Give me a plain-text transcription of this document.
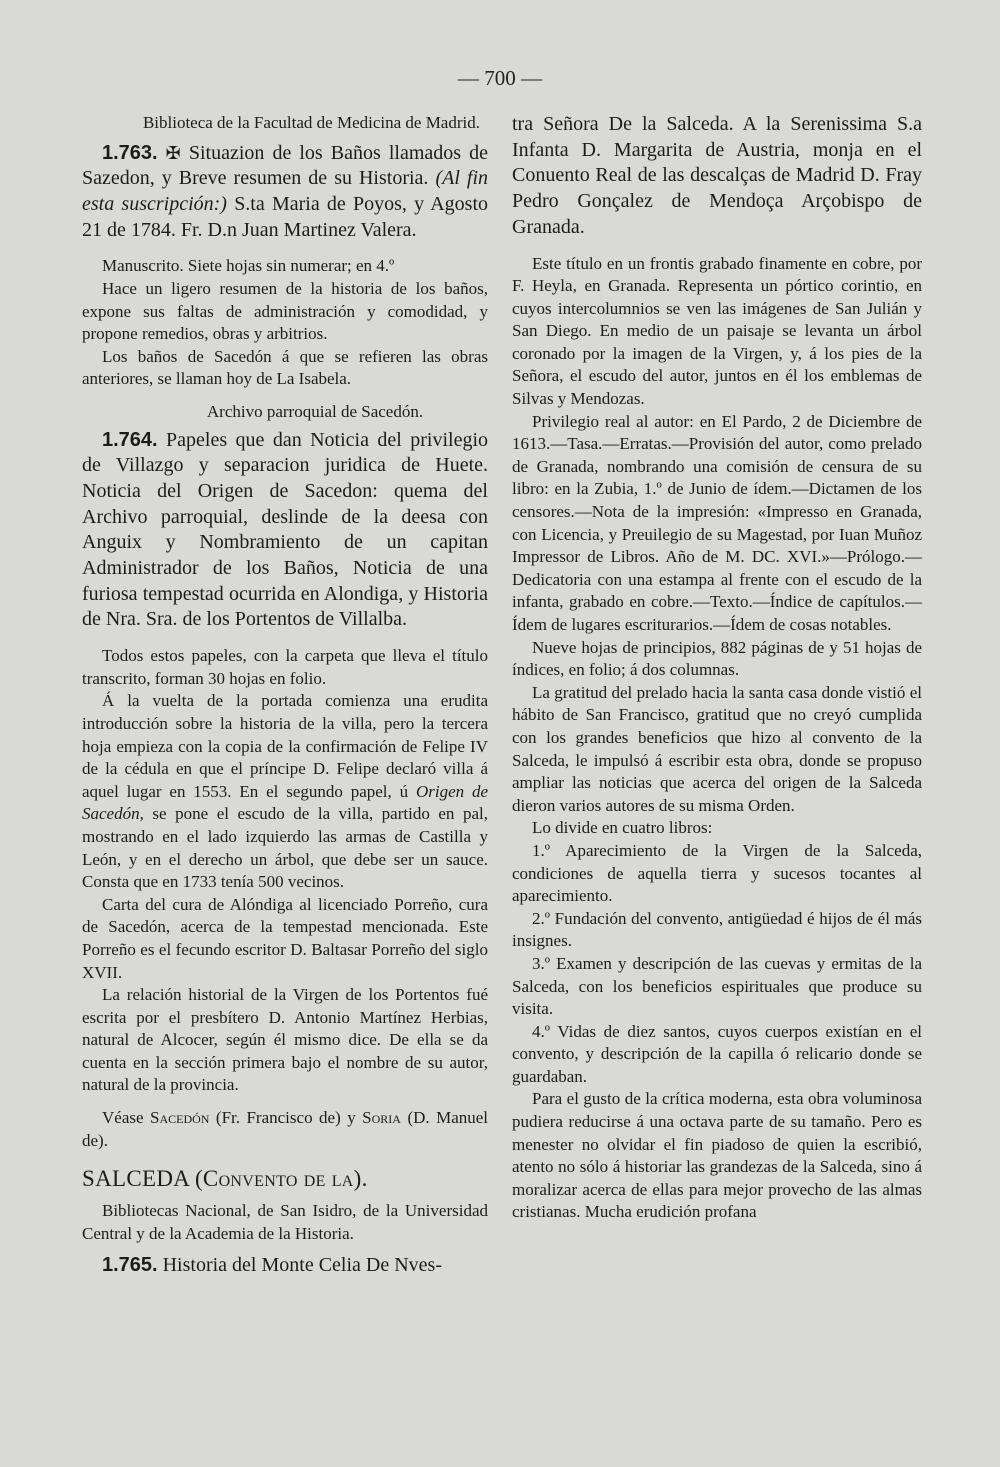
— 700 —

Biblioteca de la Facultad de Medicina de Madrid.

1.763. ✠ Situazion de los Baños llamados de Sazedon, y Breve resumen de su Historia. (Al fin esta suscripción:) S.ta Maria de Poyos, y Agosto 21 de 1784. Fr. D.n Juan Martinez Valera.

Manuscrito. Siete hojas sin numerar; en 4.º

Hace un ligero resumen de la historia de los baños, expone sus faltas de administración y comodidad, y propone remedios, obras y arbitrios.

Los baños de Sacedón á que se refieren las obras anteriores, se llaman hoy de La Isabela.

Archivo parroquial de Sacedón.

1.764. Papeles que dan Noticia del privilegio de Villazgo y separacion juridica de Huete. Noticia del Origen de Sacedon: quema del Archivo parroquial, deslinde de la deesa con Anguix y Nombramiento de un capitan Administrador de los Baños, Noticia de una furiosa tempestad ocurrida en Alondiga, y Historia de Nra. Sra. de los Portentos de Villalba.

Todos estos papeles, con la carpeta que lleva el título transcrito, forman 30 hojas en folio.

Á la vuelta de la portada comienza una erudita introducción sobre la historia de la villa, pero la tercera hoja empieza con la copia de la confirmación de Felipe IV de la cédula en que el príncipe D. Felipe declaró villa á aquel lugar en 1553. En el segundo papel, ú Origen de Sacedón, se pone el escudo de la villa, partido en pal, mostrando en el lado izquierdo las armas de Castilla y León, y en el derecho un árbol, que debe ser un sauce. Consta que en 1733 tenía 500 vecinos.

Carta del cura de Alóndiga al licenciado Porreño, cura de Sacedón, acerca de la tempestad mencionada. Este Porreño es el fecundo escritor D. Baltasar Porreño del siglo XVII.

La relación historial de la Virgen de los Portentos fué escrita por el presbítero D. Antonio Martínez Herbias, natural de Alcocer, según él mismo dice. De ella se da cuenta en la sección primera bajo el nombre de su autor, natural de la provincia.

Véase Sacedón (Fr. Francisco de) y Soria (D. Manuel de).

SALCEDA (Convento de la).

Bibliotecas Nacional, de San Isidro, de la Universidad Central y de la Academia de la Historia.

1.765. Historia del Monte Celia De Nves-

tra Señora De la Salceda. A la Serenissima S.a Infanta D. Margarita de Austria, monja en el Conuento Real de las descalças de Madrid D. Fray Pedro Gonçalez de Mendoça Arçobispo de Granada.

Este título en un frontis grabado finamente en cobre, por F. Heyla, en Granada. Representa un pórtico corintio, en cuyos intercolumnios se ven las imágenes de San Julián y San Diego. En medio de un paisaje se levanta un árbol coronado por la imagen de la Virgen, y, á los pies de la Señora, el escudo del autor, juntos en él los emblemas de Silvas y Mendozas.

Privilegio real al autor: en El Pardo, 2 de Diciembre de 1613.—Tasa.—Erratas.—Provisión del autor, como prelado de Granada, nombrando una comisión de censura de su libro: en la Zubia, 1.º de Junio de ídem.—Dictamen de los censores.—Nota de la impresión: «Impresso en Granada, con Licencia, y Preuilegio de su Magestad, por Iuan Muñoz Impressor de Libros. Año de M. DC. XVI.»—Prólogo.—Dedicatoria con una estampa al frente con el escudo de la infanta, grabado en cobre.—Texto.—Índice de capítulos.—Ídem de lugares escriturarios.—Ídem de cosas notables.

Nueve hojas de principios, 882 páginas de y 51 hojas de índices, en folio; á dos columnas.

La gratitud del prelado hacia la santa casa donde vistió el hábito de San Francisco, gratitud que no creyó cumplida con los grandes beneficios que hizo al convento de la Salceda, le impulsó á escribir esta obra, donde se propuso ampliar las noticias que acerca del origen de la Salceda dieron varios autores de su misma Orden.

Lo divide en cuatro libros:

1.º Aparecimiento de la Virgen de la Salceda, condiciones de aquella tierra y sucesos tocantes al aparecimiento.

2.º Fundación del convento, antigüedad é hijos de él más insignes.

3.º Examen y descripción de las cuevas y ermitas de la Salceda, con los beneficios espirituales que produce su visita.

4.º Vidas de diez santos, cuyos cuerpos existían en el convento, y descripción de la capilla ó relicario donde se guardaban.

Para el gusto de la crítica moderna, esta obra voluminosa pudiera reducirse á una octava parte de su tamaño. Pero es menester no olvidar el fin piadoso de quien la escribió, atento no sólo á historiar las grandezas de la Salceda, sino á moralizar acerca de ellas para mejor provecho de las almas cristianas. Mucha erudición profana
